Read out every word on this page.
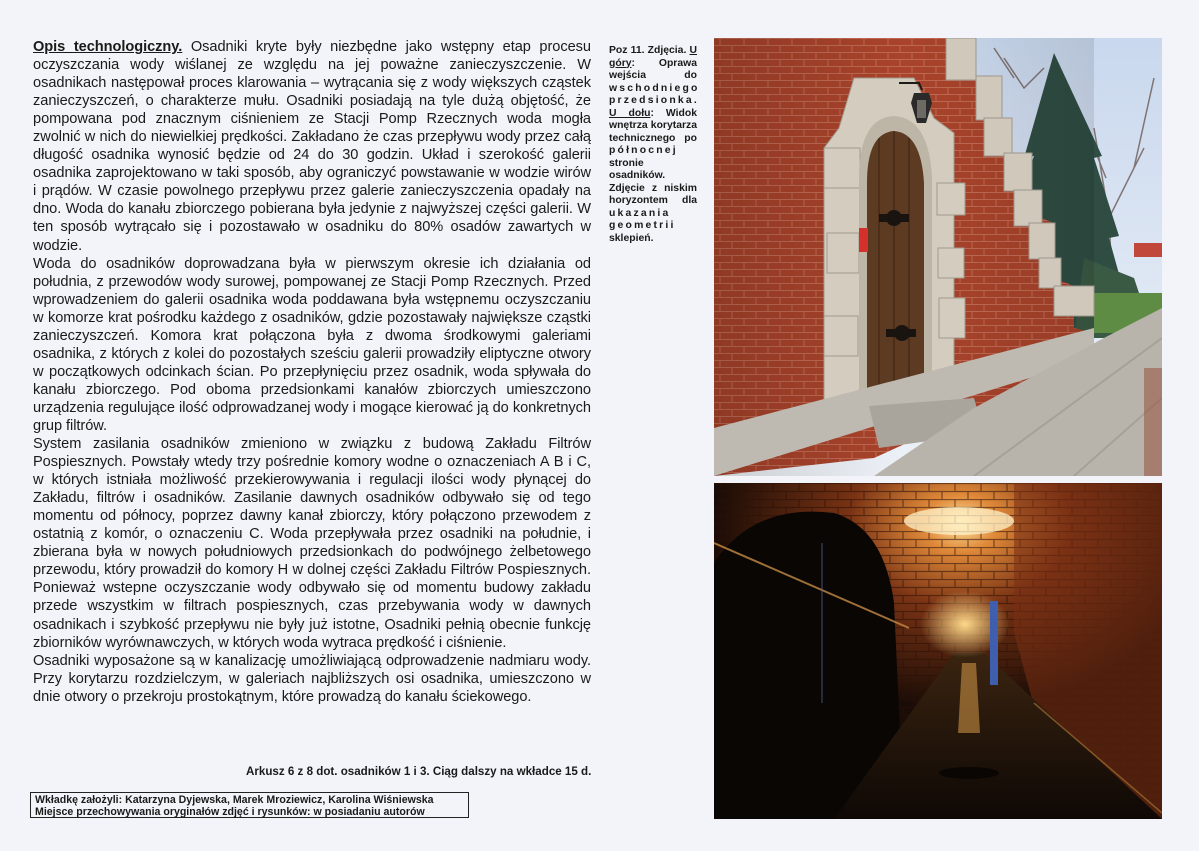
Opis technologiczny. Osadniki kryte były niezbędne jako wstępny etap procesu oczyszczania wody wiślanej ze względu na jej poważne zanieczyszczenie. W osadnikach następował proces klarowania – wytrącania się z wody większych cząstek zanieczyszczeń, o charakterze mułu. Osadniki posiadają na tyle dużą objętość, że pompowana pod znacznym ciśnieniem ze Stacji Pomp Rzecznych woda mogła zwolnić w nich do niewielkiej prędkości. Zakładano że czas przepływu wody przez całą długość osadnika wynosić będzie od 24 do 30 godzin. Układ i szerokość galerii osadnika zaprojektowano w taki sposób, aby ograniczyć powstawanie w wodzie wirów i prądów. W czasie powolnego przepływu przez galerie zanieczyszczenia opadały na dno. Woda do kanału zbiorczego pobierana była jedynie z najwyższej części galerii. W ten sposób wytrącało się i pozostawało w osadniku do 80% osadów zawartych w wodzie.

Woda do osadników doprowadzana była w pierwszym okresie ich działania od południa, z przewodów wody surowej, pompowanej ze Stacji Pomp Rzecznych. Przed wprowadzeniem do galerii osadnika woda poddawana była wstępnemu oczyszczaniu w komorze krat pośrodku każdego z osadników, gdzie pozostawały największe cząstki zanieczyszczeń. Komora krat połączona była z dwoma środkowymi galeriami osadnika, z których z kolei do pozostałych sześciu galerii prowadziły eliptyczne otwory w początkowych odcinkach ścian. Po przepłynięciu przez osadnik, woda spływała do kanału zbiorczego. Pod oboma przedsionkami kanałów zbiorczych umieszczono urządzenia regulujące ilość odprowadzanej wody i mogące kierować ją do konkretnych grup filtrów.

System zasilania osadników zmieniono w związku z budową Zakładu Filtrów Pospiesznych. Powstały wtedy trzy pośrednie komory wodne o oznaczeniach A B i C, w których istniała możliwość przekierowywania i regulacji ilości wody płynącej do Zakładu, filtrów i osadników. Zasilanie dawnych osadników odbywało się od tego momentu od północy, poprzez dawny kanał zbiorczy, który połączono przewodem z ostatnią z komór, o oznaczeniu C. Woda przepływała przez osadniki na południe, i zbierana była w nowych południowych przedsionkach do podwójnego żelbetowego przewodu, który prowadził do komory H w dolnej części Zakładu Filtrów Pospiesznych. Ponieważ wstepne oczyszczanie wody odbywało się od momentu budowy zakładu przede wszystkim w filtrach pospiesznych, czas przebywania wody w dawnych osadnikach i szybkość przepływu nie były już istotne, Osadniki pełnią obecnie funkcję zbiorników wyrównawczych, w których woda wytraca prędkość i ciśnienie.

Osadniki wyposażone są w kanalizację umożliwiającą odprowadzenie nadmiaru wody. Przy korytarzu rozdzielczym, w galeriach najbliższych osi osadnika, umieszczono w dnie otwory o przekroju prostokątnym, które prowadzą do kanału ściekowego.

Arkusz 6 z 8 dot. osadników 1 i 3. Ciąg dalszy na wkładce 15 d.
Wkładkę założyli: Katarzyna Dyjewska, Marek Mroziewicz, Karolina Wiśniewska
Miejsce przechowywania oryginałów zdjęć i rysunków: w posiadaniu autorów
Poz 11. Zdjęcia. U góry: Oprawa wejścia do wschodniego przedsionka. U dołu: Widok wnętrza korytarza technicznego po północnej stronie osadników. Zdjęcie z niskim horyzontem dla ukazania geometrii sklepień.
